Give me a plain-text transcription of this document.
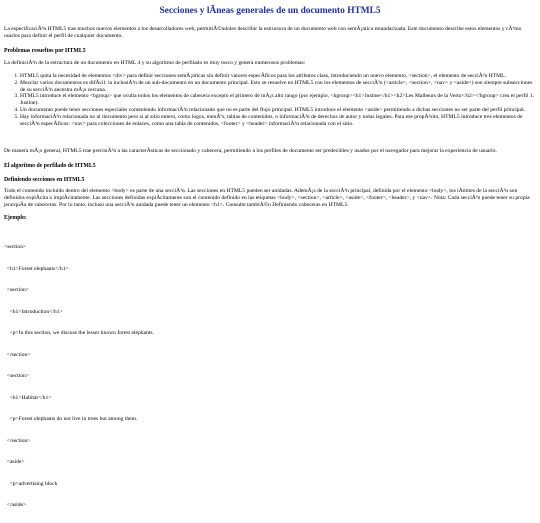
Secciones y lÃneas generales de un documento HTML5

La especificaciÃ³n HTML5 trae muchos nuevos elementos a los desarrolladores web, permitiÃ©ndoles describir la estructura de un documento web con semÃ¡ntica estandarizada. Este documento describe estos elementos y cÃ³mo usarlos para definir el perfil de cualquier documento.

Problemas resueltos por HTML5

La definiciÃ³n de la estructura de un documento en HTML 4 y su algoritmo de perfilado es muy tosco y genera numerosos problemas:

1. HTML5 quita la necesidad de elementos <div> para definir secciones semÃ¡nticas sin definir valores especÃficos para los atributos class, introduciendo un nuevo elemento, <section>, el elemento de secciÃ³n HTML.
2. Mezclar varios documentos es difÃcil: la inclusiÃ³n de un sub-documento en un documento principal. Esto se resuelve en HTML5 con los elementos de secciÃ³n (<article>, <section>, <nav> y <aside>) son siempre subsecciones de su secciÃ³n ancestra mÃ¡s cercana.
3. HTML5 introduce el elemento <hgroup> que oculta todos los elementos de cabecera excepto el primero de mÃ¡s alto rango (por ejemplo, <hgroup><h1>Justine</h1><h2>Les Malheurs de la Vertu</h2></hgroup> crea el perfil 1. Justine).
4. Un documento puede tener secciones especiales conteniendo informaciÃ³n relacionado que no es parte del flujo principal. HTML5 introduce el elemento <aside> permitiendo a dichas secciones no ser parte del perfil principal.
5. Hay informaciÃ³n relacionada no al documento pero si al sitio entero, como logos, menÃºs, tablas de contenidos, o informaciÃ³n de derechos de autor y notas legales. Para ese propÃ³sito, HTML5 introduce tres elementos de secciÃ³n especÃficos: <nav> para colecciones de enlaces, como una tabla de contenidos, <footer> y <header> informaciÃ³n relacionada con el sitio.

De manera mÃ¡s general, HTML5 trae precisiÃ³n a las caracterÃsticas de seccionado y cabecera, permitiendo a los perfiles de documento ser predecibles y usados por el navegador para mejorar la experiencia de usuario.

El algoritmo de perfilado de HTML5
Definiendo secciones en HTML5

Todo el contenido incluido dentro del elemento <body> es parte de una secciÃ³n. Las secciones en HTML5 pueden ser anidadas. AdemÃ¡s de la secciÃ³n principal, definida por el elemento <body>, los lÃmites de la secciÃ³n son definidos explÃcita o implÃcitamente. Las secciones definidas explÃcitamente son el contenido definido en las etiquetas <body>, <section>, <article>, <aside>, <footer>, <header>, y <nav>. Nota: Cada secciÃ³n puede tener su propia jerarquÃa de cabeceras. Por lo tanto, incluso una secciÃ³n anidada puede tener un elemento <h1>. Consulte tambiÃ©n Definiendo cabeceras en HTML5.

Ejemplo:

<section>

<h1>Forest elephants</h1>

<section>

<h1>Introduction</h1>

<p>In this section, we discuss the lesser known forest elephants.

</section>

<section>

<h1>Habitat</h1>

<p>Forest elephants do not live in trees but among them.

</section>

<aside>

<p>advertising block

</aside>
